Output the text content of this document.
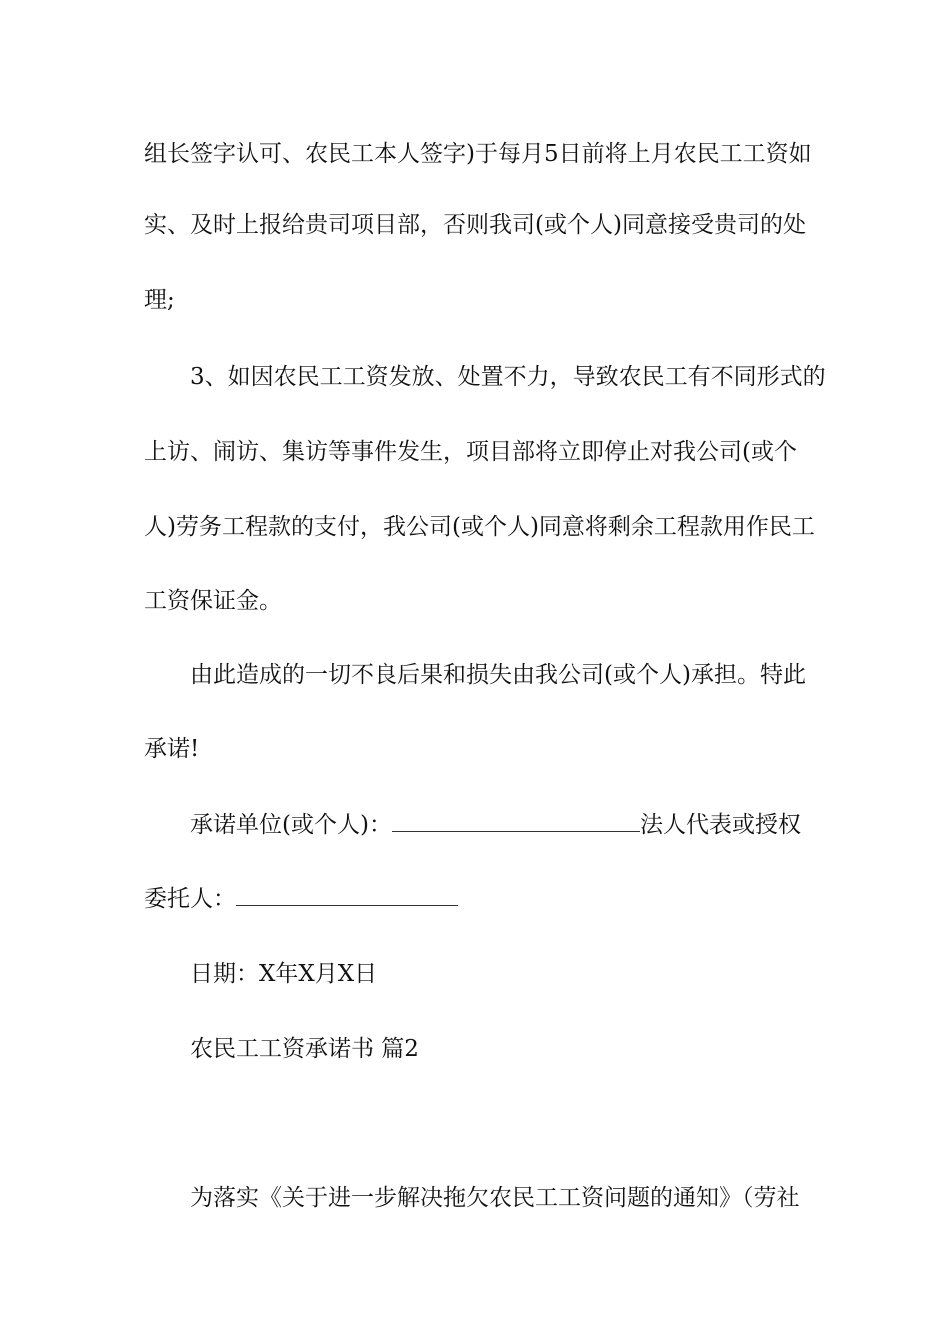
组长签字认可、农民工本人签字)于每月5日前将上月农民工工资如
实、及时上报给贵司项目部，否则我司(或个人)同意接受贵司的处
理;
3、如因农民工工资发放、处置不力，导致农民工有不同形式的
上访、闹访、集访等事件发生，项目部将立即停止对我公司(或个
人)劳务工程款的支付，我公司(或个人)同意将剩余工程款用作民工
工资保证金。
由此造成的一切不良后果和损失由我公司(或个人)承担。特此
承诺!
承诺单位(或个人)：	法人代表或授权
委托人：
日期：X年X月X日
农民工工资承诺书 篇2
为落实《关于进一步解决拖欠农民工工资问题的通知》（劳社
